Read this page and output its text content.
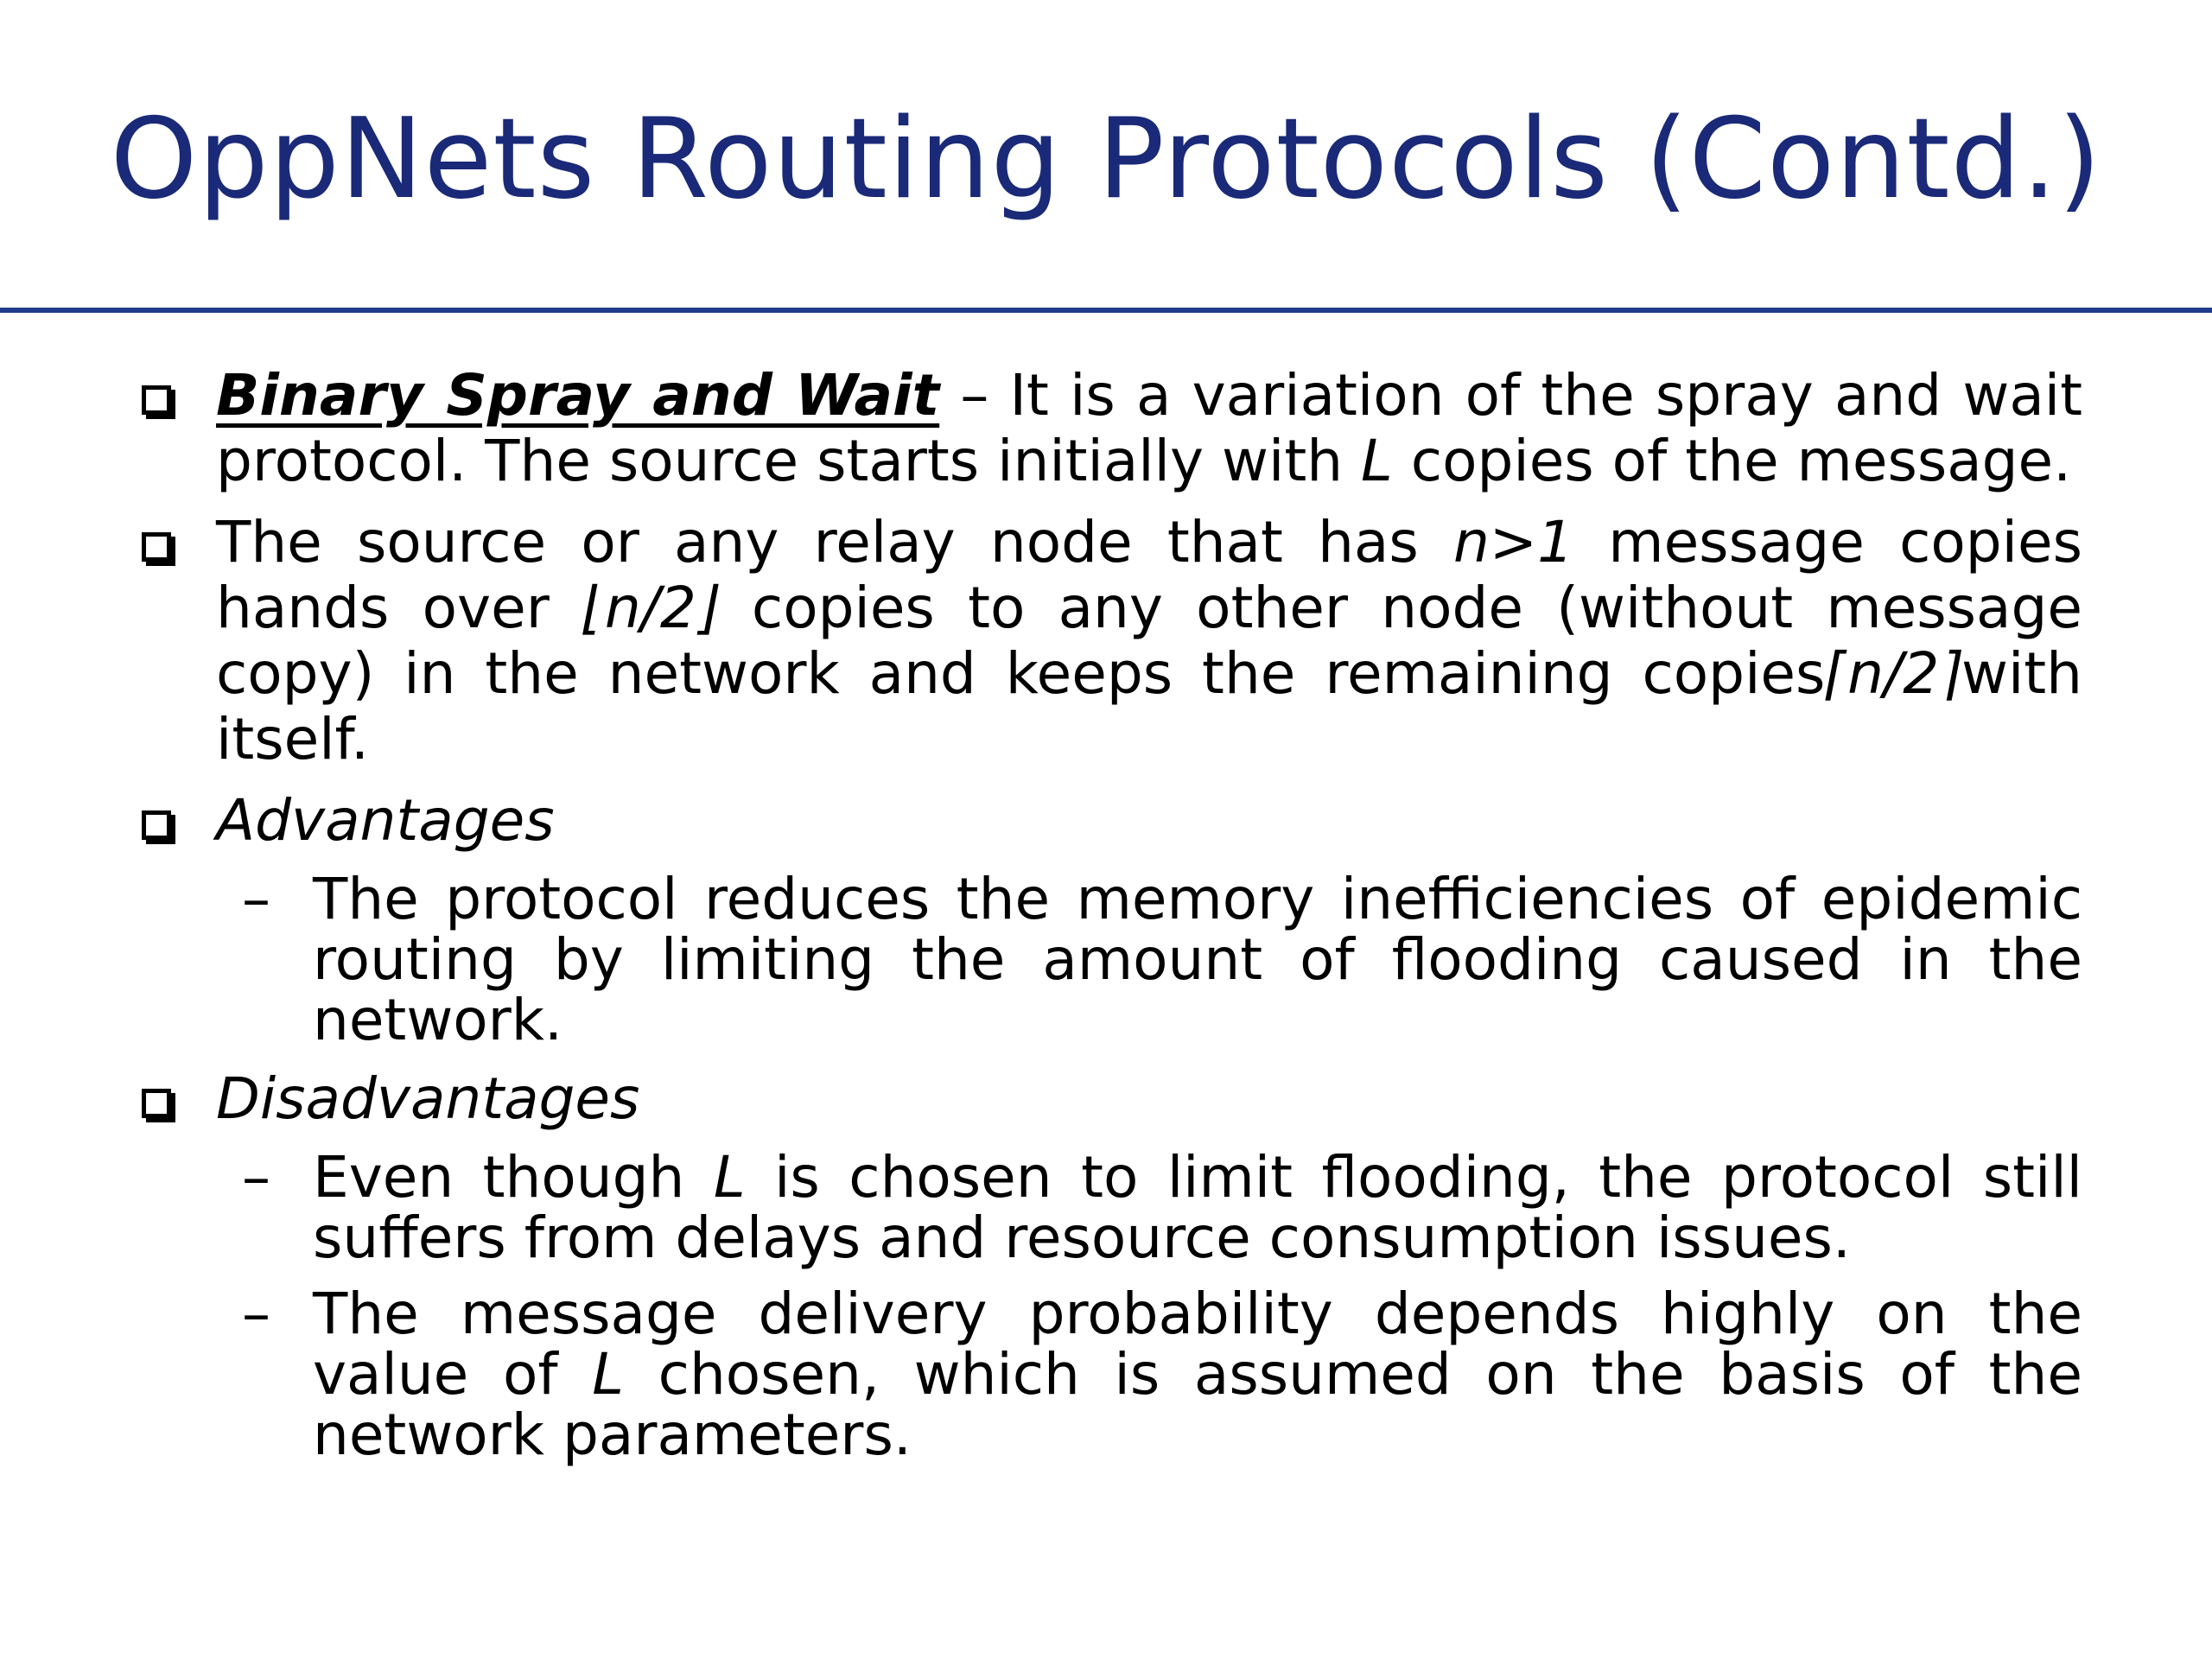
OppNets Routing Protocols (Contd.)
Binary Spray and Wait – It is a variation of the spray and wait protocol. The source starts initially with L copies of the message.
The source or any relay node that has n>1 message copies hands over ⌊n/2⌋ copies to any other node (without message copy) in the network and keeps the remaining copies⌈n/2⌉with itself.
Advantages
– The protocol reduces the memory inefficiencies of epidemic routing by limiting the amount of flooding caused in the network.
Disadvantages
– Even though L is chosen to limit flooding, the protocol still suffers from delays and resource consumption issues.
– The message delivery probability depends highly on the value of L chosen, which is assumed on the basis of the network parameters.
